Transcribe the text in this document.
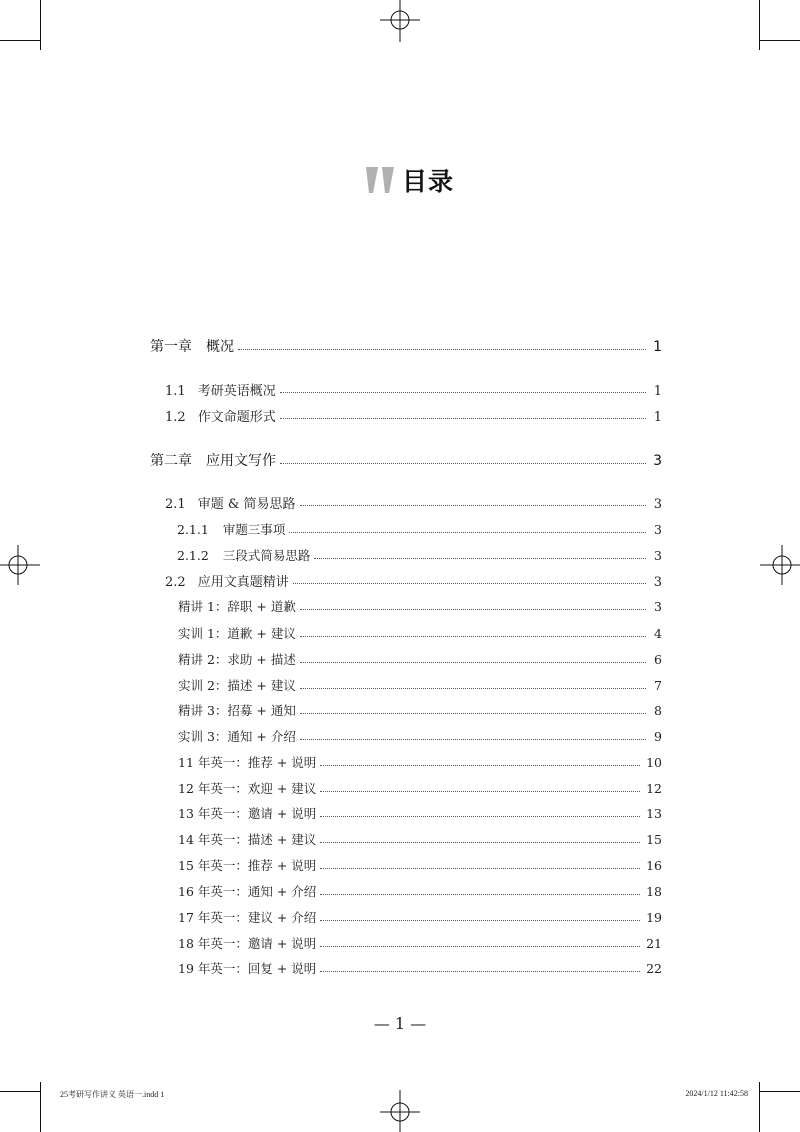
目录
第一章　概况	1
1.1 考研英语概况	1
1.2 作文命题形式	1
第二章　应用文写作	3
2.1 审题 & 简易思路	3
2.1.1 审题三事项	3
2.1.2 三段式简易思路	3
2.2 应用文真题精讲	3
精讲 1：辞职 + 道歉	3
实训 1：道歉 + 建议	4
精讲 2：求助 + 描述	6
实训 2：描述 + 建议	7
精讲 3：招募 + 通知	8
实训 3：通知 + 介绍	9
11 年英一：推荐 + 说明	10
12 年英一：欢迎 + 建议	12
13 年英一：邀请 + 说明	13
14 年英一：描述 + 建议	15
15 年英一：推荐 + 说明	16
16 年英一：通知 + 介绍	18
17 年英一：建议 + 介绍	19
18 年英一：邀请 + 说明	21
19 年英一：回复 + 说明	22
— 1 —
25考研写作讲义 英语一.indd 1	2024/1/12 11:42:58
